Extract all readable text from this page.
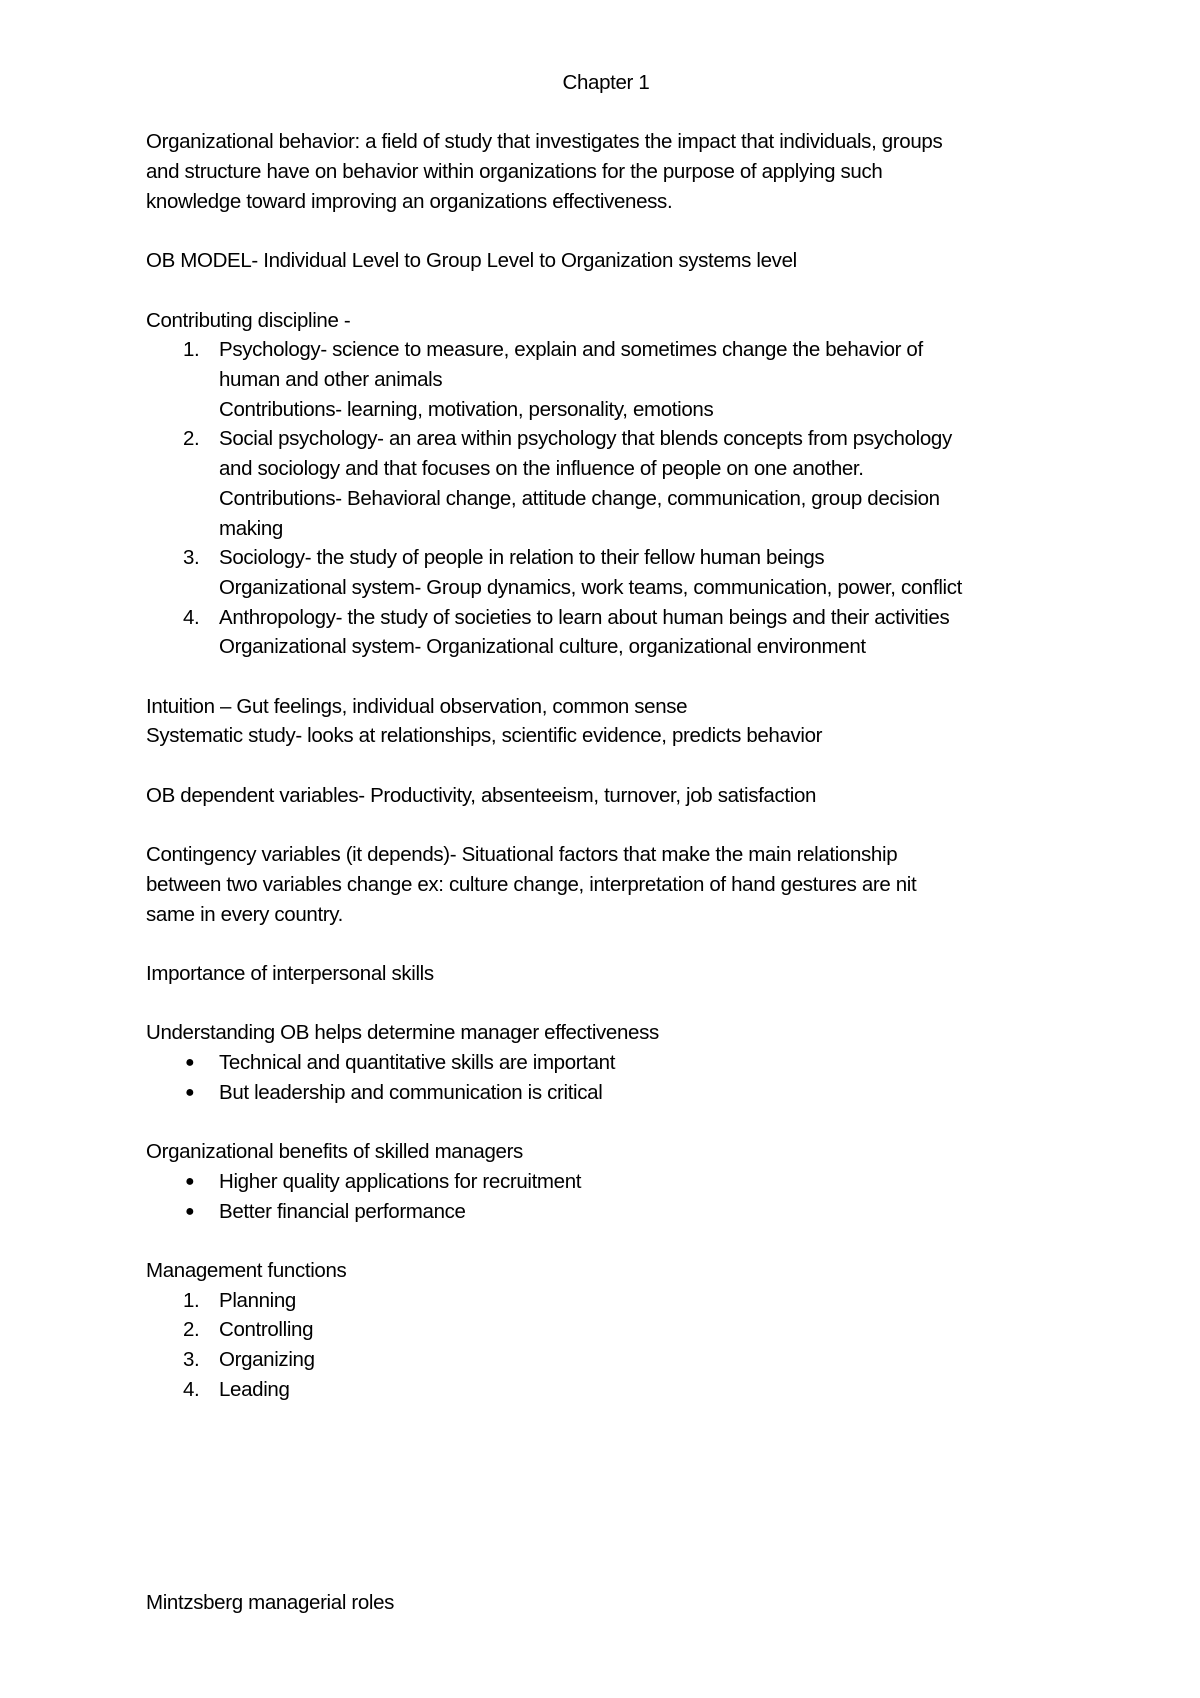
Chapter 1

Organizational behavior: a field of study that investigates the impact that individuals, groups
and structure have on behavior within organizations for the purpose of applying such
knowledge toward improving an organizations effectiveness.

OB MODEL- Individual Level to Group Level to Organization systems level

Contributing discipline -

1. Psychology- science to measure, explain and sometimes change the behavior of
human and other animals
Contributions- learning, motivation, personality, emotions
2. Social psychology- an area within psychology that blends concepts from psychology
and sociology and that focuses on the influence of people on one another.
Contributions- Behavioral change, attitude change, communication, group decision
making
3. Sociology- the study of people in relation to their fellow human beings
Organizational system- Group dynamics, work teams, communication, power, conflict
4. Anthropology- the study of societies to learn about human beings and their activities
Organizational system- Organizational culture, organizational environment

Intuition – Gut feelings, individual observation, common sense

Systematic study- looks at relationships, scientific evidence, predicts behavior

OB dependent variables- Productivity, absenteeism, turnover, job satisfaction

Contingency variables (it depends)- Situational factors that make the main relationship
between two variables change ex: culture change, interpretation of hand gestures are nit
same in every country.

Importance of interpersonal skills

Understanding OB helps determine manager effectiveness

● Technical and quantitative skills are important
● But leadership and communication is critical

Organizational benefits of skilled managers

● Higher quality applications for recruitment
● Better financial performance

Management functions

1. Planning
2. Controlling
3. Organizing
4. Leading

Mintzsberg managerial roles
